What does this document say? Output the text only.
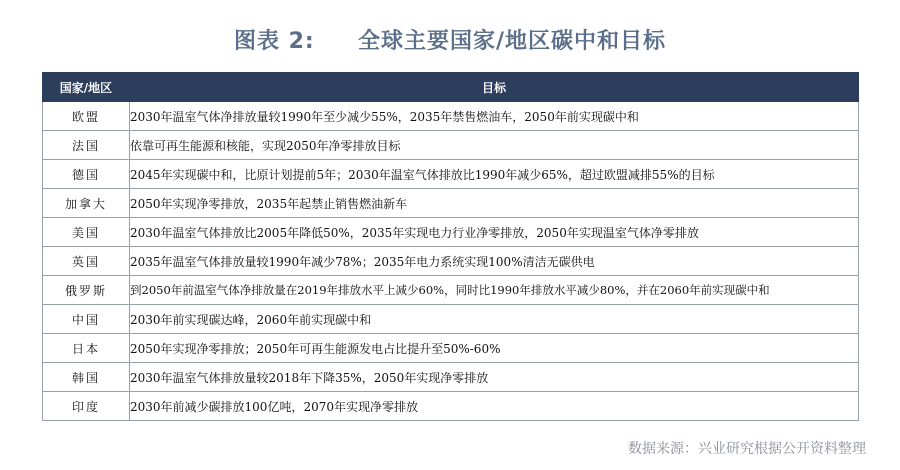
图表 2:     全球主要国家/地区碳中和目标
国家/地区	目标
欧盟	2030年温室气体净排放量较1990年至少减少55%，2035年禁售燃油车，2050年前实现碳中和
法国	依靠可再生能源和核能，实现2050年净零排放目标
德国	2045年实现碳中和，比原计划提前5年；2030年温室气体排放比1990年减少65%，超过欧盟减排55%的目标
加拿大	2050年实现净零排放，2035年起禁止销售燃油新车
美国	2030年温室气体排放比2005年降低50%，2035年实现电力行业净零排放，2050年实现温室气体净零排放
英国	2035年温室气体排放量较1990年减少78%；2035年电力系统实现100%清洁无碳供电
俄罗斯	到2050年前温室气体净排放量在2019年排放水平上减少60%，同时比1990年排放水平减少80%，并在2060年前实现碳中和
中国	2030年前实现碳达峰，2060年前实现碳中和
日本	2050年实现净零排放；2050年可再生能源发电占比提升至50%-60%
韩国	2030年温室气体排放量较2018年下降35%，2050年实现净零排放
印度	2030年前减少碳排放100亿吨，2070年实现净零排放
数据来源：兴业研究根据公开资料整理
